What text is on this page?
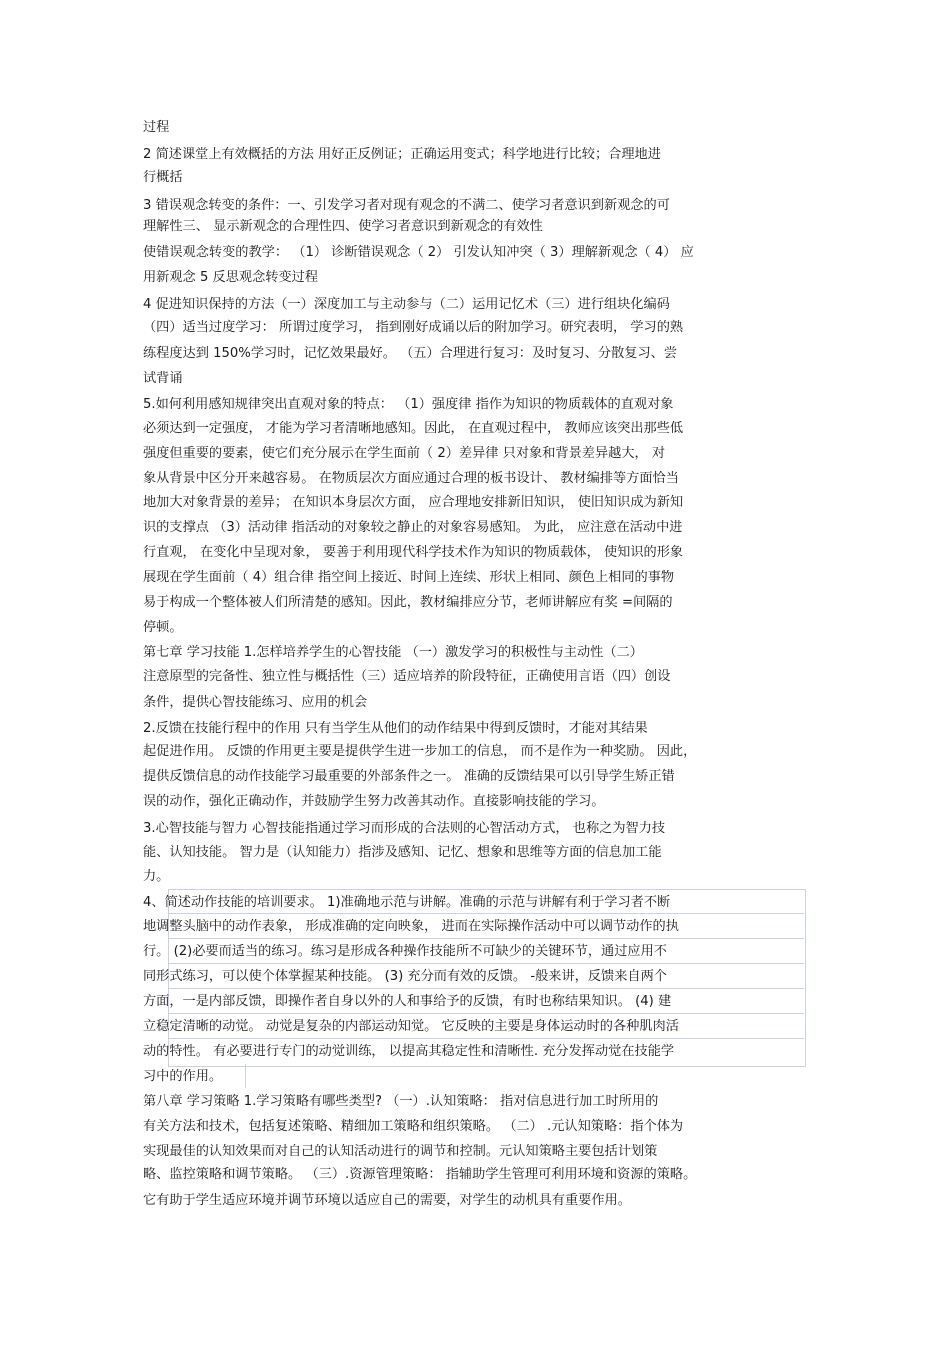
过程
2 简述课堂上有效概括的方法 用好正反例证；正确运用变式；科学地进行比较；合理地进
行概括
3 错误观念转变的条件：一、引发学习者对现有观念的不满二、使学习者意识到新观念的可
理解性三、 显示新观念的合理性四、使学习者意识到新观念的有效性
使错误观念转变的教学： （1） 诊断错误观念（ 2） 引发认知冲突（ 3）理解新观念（ 4） 应
用新观念 5 反思观念转变过程
4 促进知识保持的方法（一）深度加工与主动参与（二）运用记忆术（三）进行组块化编码
（四）适当过度学习： 所谓过度学习， 指到刚好成诵以后的附加学习。研究表明， 学习的熟
练程度达到 150%学习时，记忆效果最好。 （五）合理进行复习：及时复习、分散复习、尝
试背诵
5.如何利用感知规律突出直观对象的特点： （1）强度律 指作为知识的物质载体的直观对象
必须达到一定强度， 才能为学习者清晰地感知。因此， 在直观过程中， 教师应该突出那些低
强度但重要的要素，使它们充分展示在学生面前（ 2）差异律 只对象和背景差异越大， 对
象从背景中区分开来越容易。 在物质层次方面应通过合理的板书设计、 教材编排等方面恰当
地加大对象背景的差异； 在知识本身层次方面， 应合理地安排新旧知识， 使旧知识成为新知
识的支撑点 （3）活动律 指活动的对象较之静止的对象容易感知。 为此， 应注意在活动中进
行直观， 在变化中呈现对象， 要善于利用现代科学技术作为知识的物质载体， 使知识的形象
展现在学生面前（ 4）组合律 指空间上接近、时间上连续、形状上相同、颜色上相同的事物
易于构成一个整体被人们所清楚的感知。因此，教材编排应分节，老师讲解应有奖 =间隔的
停顿。
第七章 学习技能 1.怎样培养学生的心智技能 （一）激发学习的积极性与主动性（二）
注意原型的完备性、独立性与概括性（三）适应培养的阶段特征，正确使用言语（四）创设
条件，提供心智技能练习、应用的机会
2.反馈在技能行程中的作用 只有当学生从他们的动作结果中得到反馈时，才能对其结果
起促进作用。 反馈的作用更主要是提供学生进一步加工的信息， 而不是作为一种奖励。 因此，
提供反馈信息的动作技能学习最重要的外部条件之一。 准确的反馈结果可以引导学生矫正错
误的动作，强化正确动作，并鼓励学生努力改善其动作。直接影响技能的学习。
3.心智技能与智力 心智技能指通过学习而形成的合法则的心智活动方式， 也称之为智力技
能、认知技能。 智力是（认知能力）指涉及感知、记忆、想象和思维等方面的信息加工能
力。
4、简述动作技能的培训要求。 1)准确地示范与讲解。准确的示范与讲解有利于学习者不断
地调整头脑中的动作表象， 形成准确的定向映象， 进而在实际操作活动中可以调节动作的执
行。 (2)必要而适当的练习。练习是形成各种操作技能所不可缺少的关键环节，通过应用不
同形式练习，可以使个体掌握某种技能。 (3) 充分而有效的反馈。 -般来讲，反馈来自两个
方面，一是内部反馈，即操作者自身以外的人和事给予的反馈，有时也称结果知识。 (4) 建
立稳定清晰的动觉。 动觉是复杂的内部运动知觉。 它反映的主要是身体运动时的各种肌肉活
动的特性。 有必要进行专门的动觉训练， 以提高其稳定性和清晰性. 充分发挥动觉在技能学
习中的作用。
第八章 学习策略 1.学习策略有哪些类型? （一）.认知策略： 指对信息进行加工时所用的
有关方法和技术，包括复述策略、精细加工策略和组织策略。 （二） .元认知策略：指个体为
实现最佳的认知效果而对自己的认知活动进行的调节和控制。元认知策略主要包括计划策
略、监控策略和调节策略。 （三）.资源管理策略： 指辅助学生管理可利用环境和资源的策略。
它有助于学生适应环境并调节环境以适应自己的需要，对学生的动机具有重要作用。
